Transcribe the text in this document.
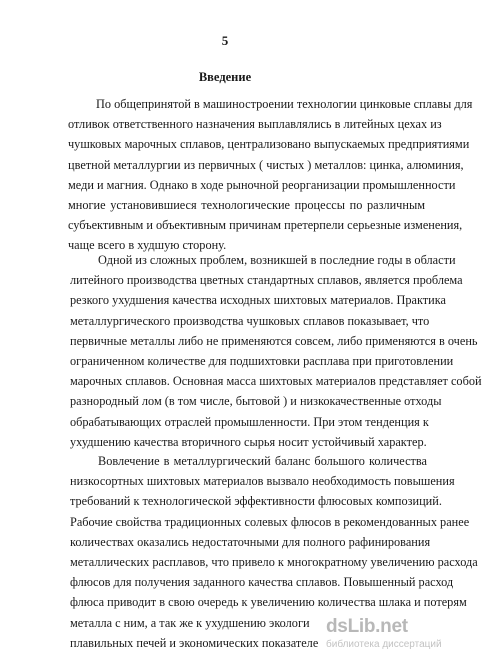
5
Введение
По общепринятой в машиностроении технологии цинковые сплавы для
отливок ответственного назначения выплавлялись в литейных цехах из
чушковых марочных сплавов, централизовано выпускаемых предприятиями
цветной металлургии из первичных ( чистых ) металлов: цинка, алюминия,
меди и магния. Однако в ходе рыночной реорганизации промышленности
многие установившиеся технологические процессы по различным
субъективным и объективным причинам претерпели серьезные изменения,
чаще всего в худшую сторону.
Одной из сложных проблем, возникшей в последние годы в области
литейного производства цветных стандартных сплавов, является проблема
резкого ухудшения качества исходных шихтовых материалов. Практика
металлургического производства чушковых сплавов показывает, что
первичные металлы либо не применяются совсем, либо применяются в очень
ограниченном количестве для подшихтовки расплава при приготовлении
марочных сплавов. Основная масса шихтовых материалов представляет собой
разнородный лом (в том числе, бытовой ) и низкокачественные отходы
обрабатывающих отраслей промышленности. При этом тенденция к
ухудшению качества вторичного сырья носит устойчивый характер.
Вовлечение в металлургический баланс большого количества
низкосортных шихтовых материалов вызвало необходимость повышения
требований к технологической эффективности флюсовых композиций.
Рабочие свойства традиционных солевых флюсов в рекомендованных ранее
количествах оказались недостаточными для полного рафинирования
металлических расплавов, что привело к многократному увеличению расхода
флюсов для получения заданного качества сплавов. Повышенный расход
флюса приводит в свою очередь к увеличению количества шлака и потерям
металла с ним, а так же к ухудшению экологи
плавильных печей и экономических показателе
dsLib.net
библиотека диссертаций
